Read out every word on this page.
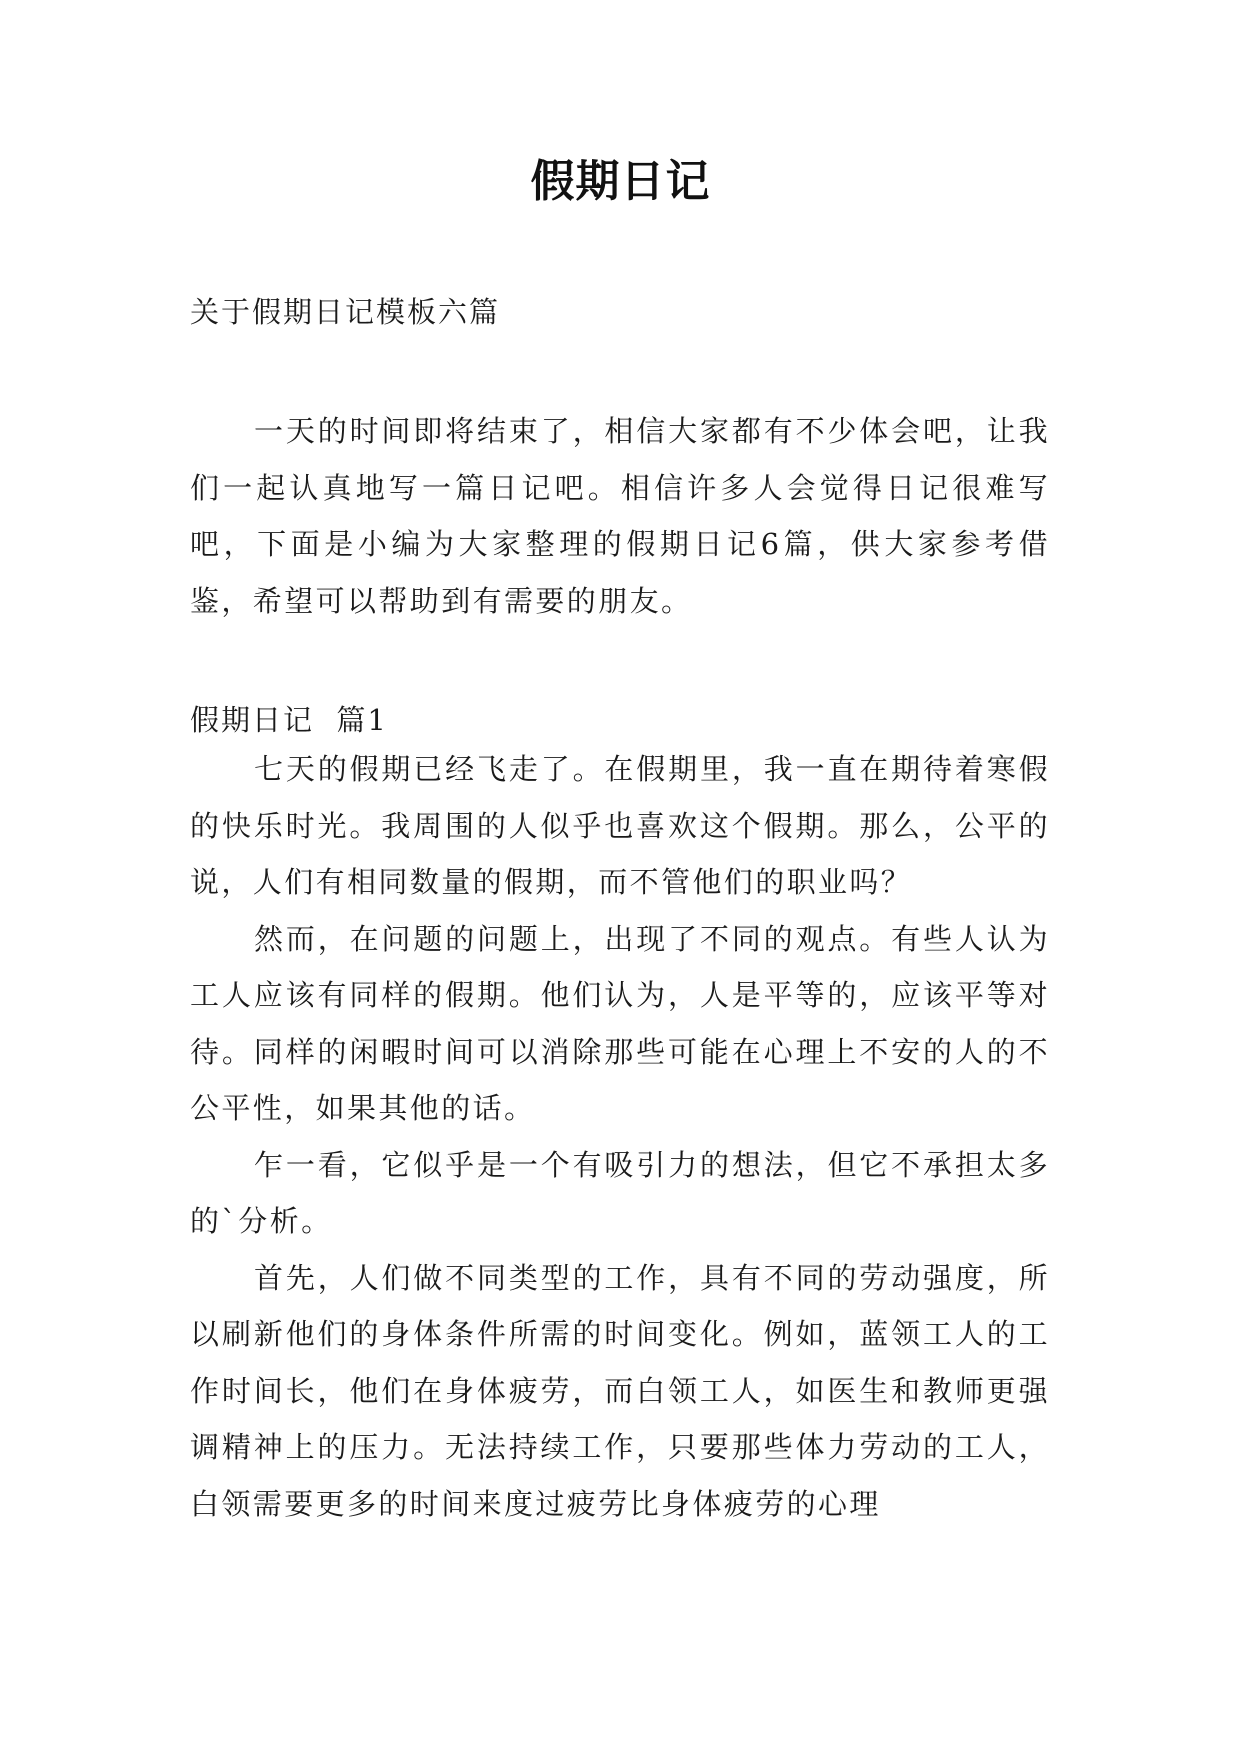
假期日记
关于假期日记模板六篇

一天的时间即将结束了，相信大家都有不少体会吧，让我们一起认真地写一篇日记吧。相信许多人会觉得日记很难写吧，下面是小编为大家整理的假期日记6篇，供大家参考借鉴，希望可以帮助到有需要的朋友。

假期日记  篇1

七天的假期已经飞走了。在假期里，我一直在期待着寒假的快乐时光。我周围的人似乎也喜欢这个假期。那么，公平的说，人们有相同数量的假期，而不管他们的职业吗？

然而，在问题的问题上，出现了不同的观点。有些人认为工人应该有同样的假期。他们认为，人是平等的，应该平等对待。同样的闲暇时间可以消除那些可能在心理上不安的人的不公平性，如果其他的话。

乍一看，它似乎是一个有吸引力的想法，但它不承担太多的`分析。

首先，人们做不同类型的工作，具有不同的劳动强度，所以刷新他们的身体条件所需的时间变化。例如，蓝领工人的工作时间长，他们在身体疲劳，而白领工人，如医生和教师更强调精神上的压力。无法持续工作，只要那些体力劳动的工人，白领需要更多的时间来度过疲劳比身体疲劳的心理
